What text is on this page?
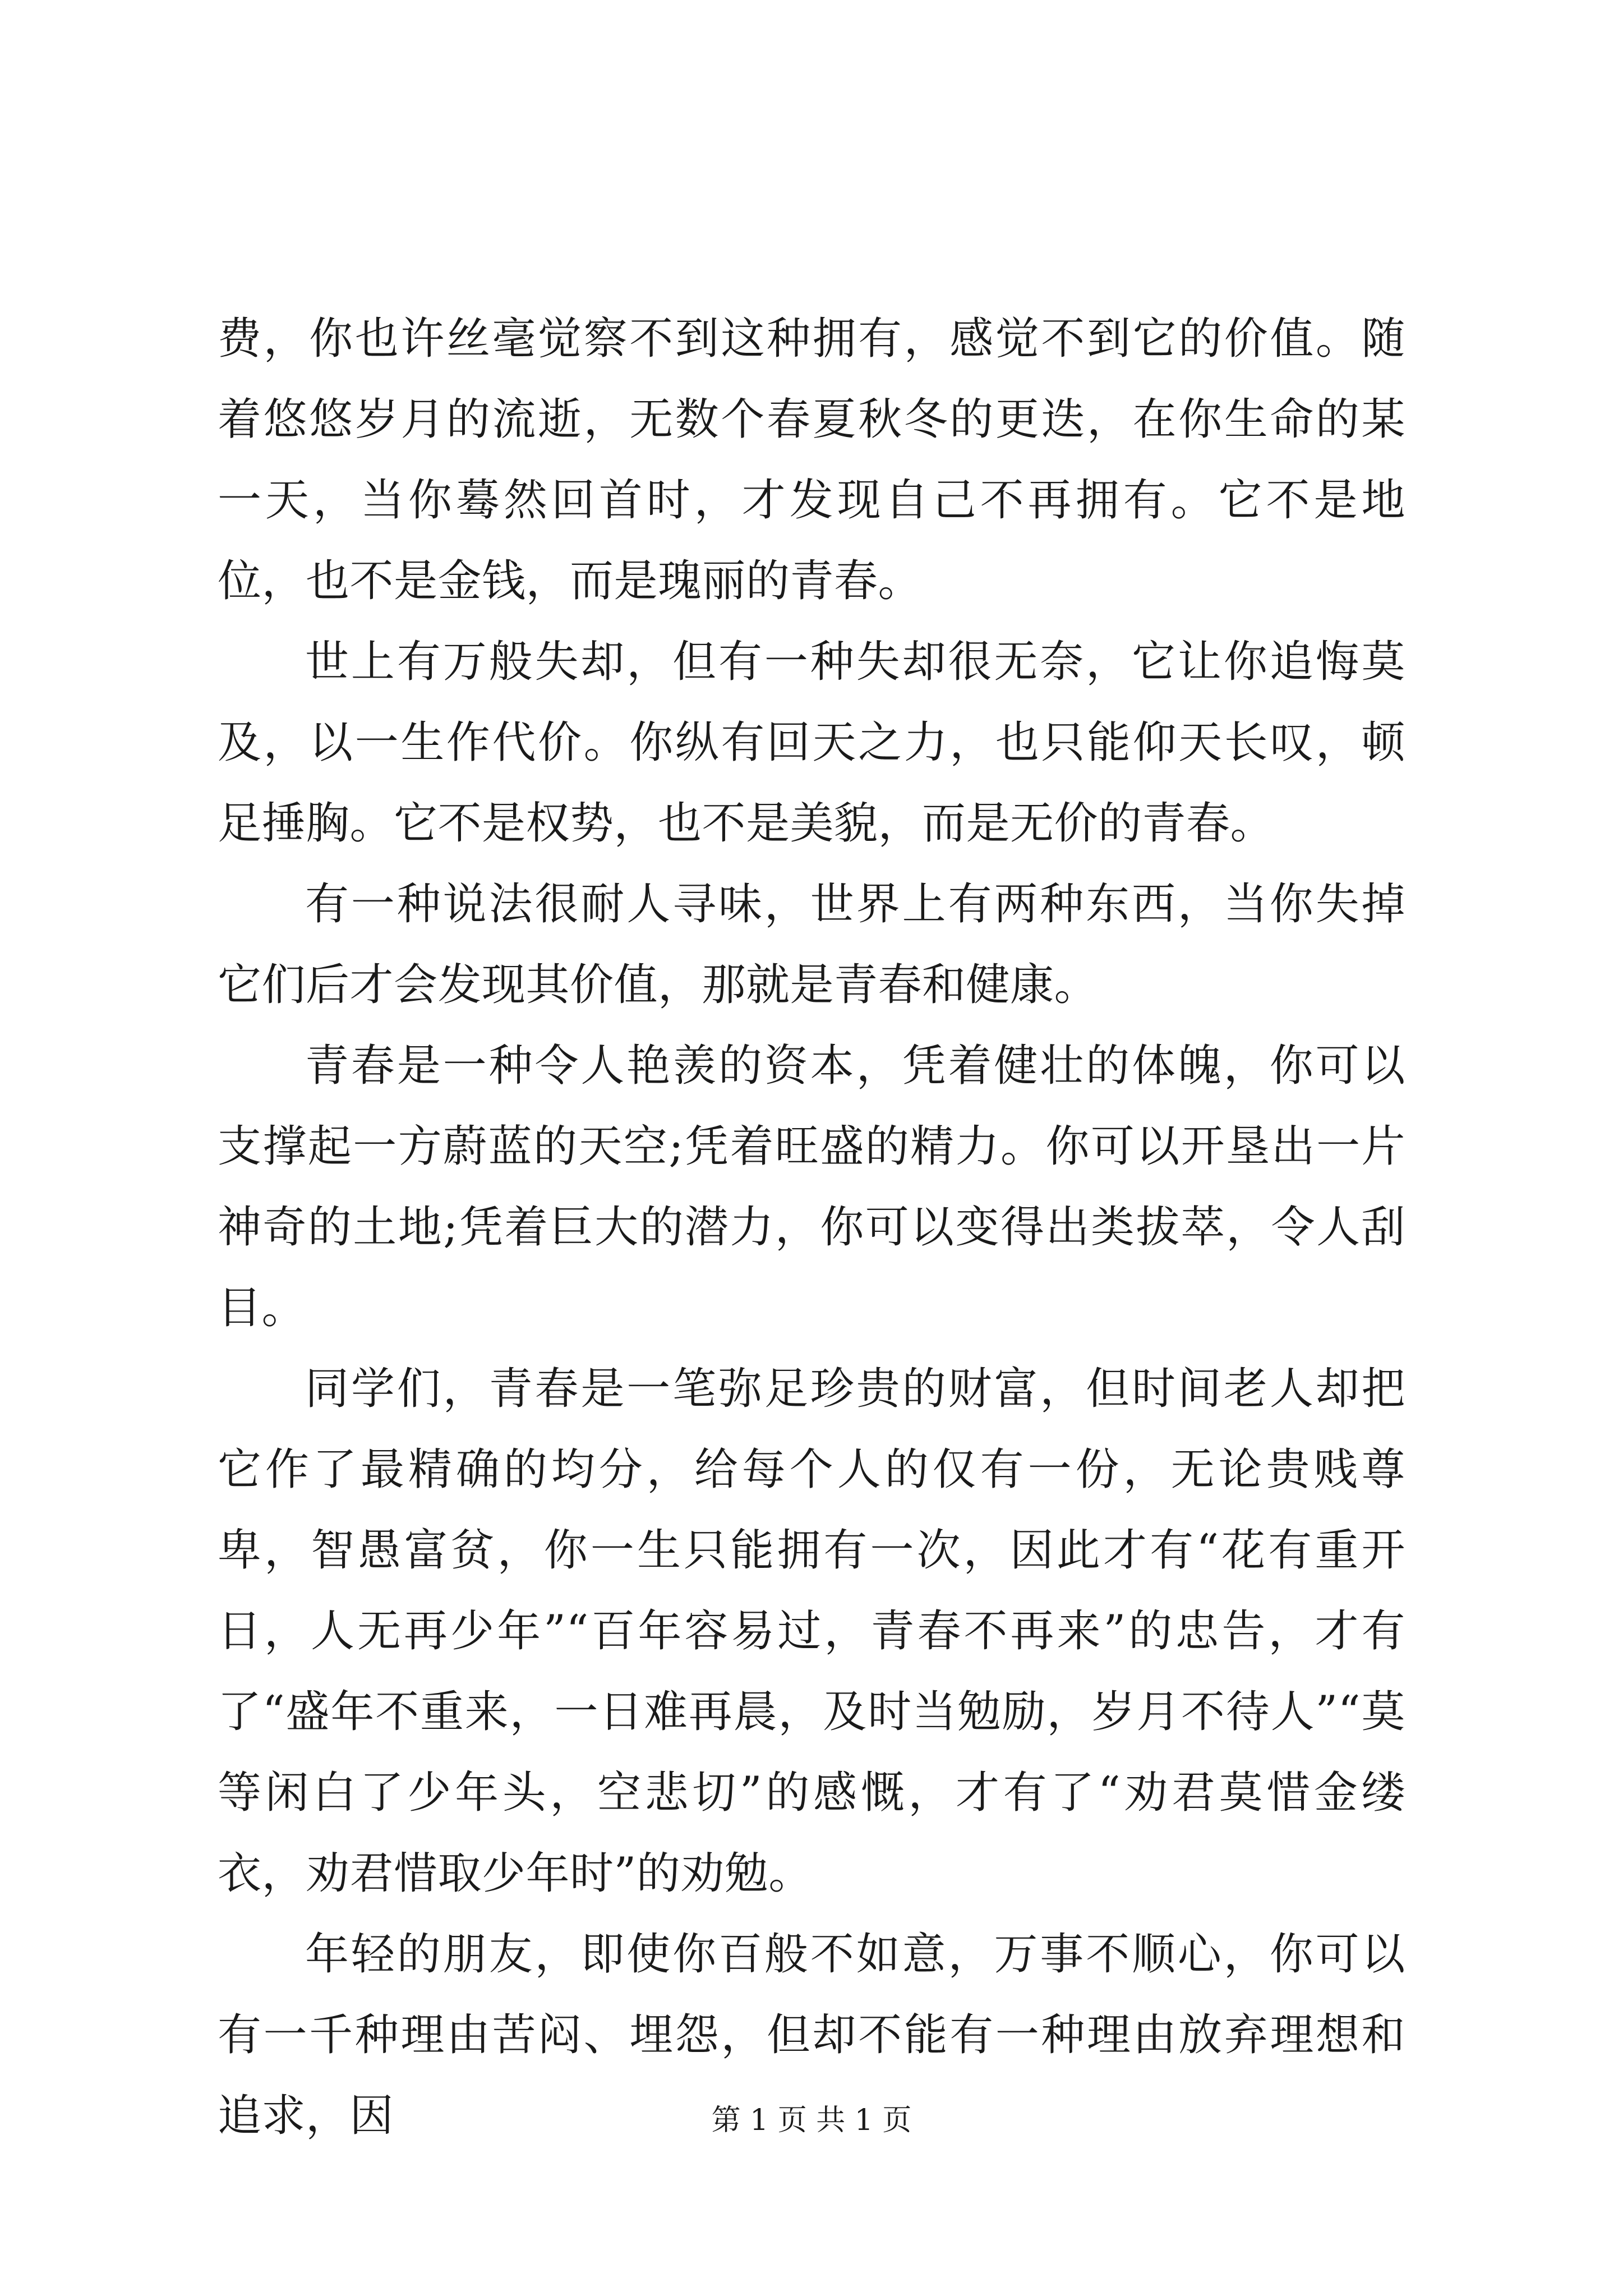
费，你也许丝毫觉察不到这种拥有，感觉不到它的价值。随着悠悠岁月的流逝，无数个春夏秋冬的更迭，在你生命的某一天，当你蓦然回首时，才发现自己不再拥有。它不是地位，也不是金钱，而是瑰丽的青春。

世上有万般失却，但有一种失却很无奈，它让你追悔莫及，以一生作代价。你纵有回天之力，也只能仰天长叹，顿足捶胸。它不是权势，也不是美貌，而是无价的青春。

有一种说法很耐人寻味，世界上有两种东西，当你失掉它们后才会发现其价值，那就是青春和健康。

青春是一种令人艳羡的资本，凭着健壮的体魄，你可以支撑起一方蔚蓝的天空;凭着旺盛的精力。你可以开垦出一片神奇的土地;凭着巨大的潜力，你可以变得出类拔萃，令人刮目。

同学们，青春是一笔弥足珍贵的财富，但时间老人却把它作了最精确的均分，给每个人的仅有一份，无论贵贱尊卑，智愚富贫，你一生只能拥有一次，因此才有“花有重开日，人无再少年”“百年容易过，青春不再来”的忠告，才有了“盛年不重来，一日难再晨，及时当勉励，岁月不待人”“莫等闲白了少年头，空悲切”的感慨，才有了“劝君莫惜金缕衣，劝君惜取少年时”的劝勉。

年轻的朋友，即使你百般不如意，万事不顺心，你可以有一千种理由苦闷、埋怨，但却不能有一种理由放弃理想和追求，因	第 1 页 共 1 页
